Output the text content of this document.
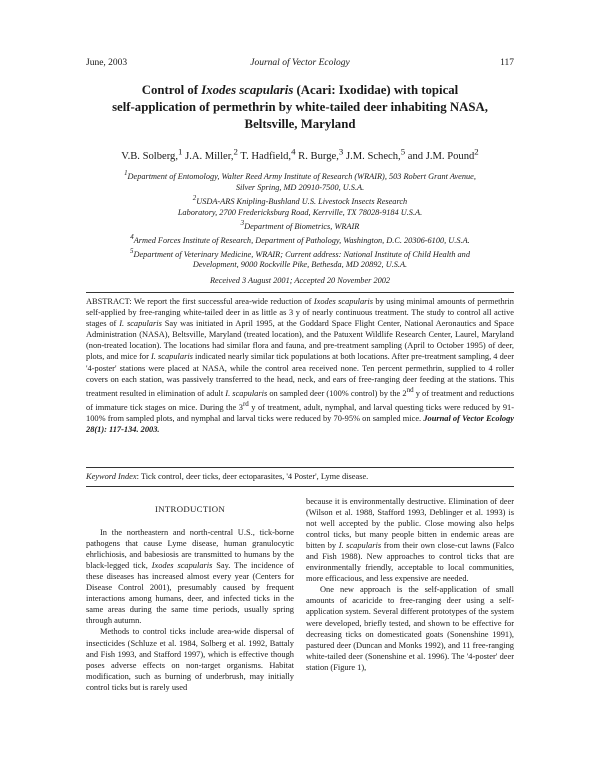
June, 2003	Journal of Vector Ecology	117
Control of Ixodes scapularis (Acari: Ixodidae) with topical
self-application of permethrin by white-tailed deer inhabiting NASA,
Beltsville, Maryland
V.B. Solberg,$^1$ J.A. Miller,$^2$ T. Hadfield,$^4$ R. Burge,$^3$ J.M. Schech,$^5$ and J.M. Pound$^2$

$^1$Department of Entomology, Walter Reed Army Institute of Research (WRAIR), 503 Robert Grant Avenue,
Silver Spring, MD 20910-7500, U.S.A.

$^2$USDA-ARS Knipling-Bushland U.S. Livestock Insects Research
Laboratory, 2700 Fredericksburg Road, Kerrville, TX 78028-9184 U.S.A.

$^3$Department of Biometrics, WRAIR

$^4$Armed Forces Institute of Research, Department of Pathology, Washington, D.C. 20306-6100, U.S.A.

$^5$Department of Veterinary Medicine, WRAIR; Current address: National Institute of Child Health and
Development, 9000 Rockville Pike, Bethesda, MD 20892, U.S.A.

Received 3 August 2001; Accepted 20 November 2002
ABSTRACT: We report the first successful area-wide reduction of Ixodes scapularis by using minimal amounts of permethrin self-applied by free-ranging white-tailed deer in as little as 3 y of nearly continuous treatment. The study to control all active stages of I. scapularis Say was initiated in April 1995, at the Goddard Space Flight Center, National Aeronautics and Space Administration (NASA), Beltsville, Maryland (treated location), and the Patuxent Wildlife Research Center, Laurel, Maryland (non-treated location). The locations had similar flora and fauna, and pre-treatment sampling (April to October 1995) of deer, plots, and mice for I. scapularis indicated nearly similar tick populations at both locations. After pre-treatment sampling, 4 deer '4-poster' stations were placed at NASA, while the control area received none. Ten percent permethrin, supplied to 4 roller covers on each station, was passively transferred to the head, neck, and ears of free-ranging deer feeding at the stations. This treatment resulted in elimination of adult I. scapularis on sampled deer (100% control) by the 2nd y of treatment and reductions of immature tick stages on mice. During the 3rd y of treatment, adult, nymphal, and larval questing ticks were reduced by 91-100% from sampled plots, and nymphal and larval ticks were reduced by 70-95% on sampled mice. Journal of Vector Ecology 28(1): 117-134. 2003.
Keyword Index: Tick control, deer ticks, deer ectoparasites, '4 Poster', Lyme disease.
INTRODUCTION

In the northeastern and north-central U.S., tick-borne pathogens that cause Lyme disease, human granulocytic ehrlichiosis, and babesiosis are transmitted to humans by the black-legged tick, Ixodes scapularis Say. The incidence of these diseases has increased almost every year (Centers for Disease Control 2001), presumably caused by frequent interactions among humans, deer, and infected ticks in the same areas during the same time periods, usually spring through autumn.

Methods to control ticks include area-wide dispersal of insecticides (Schluze et al. 1984, Solberg et al. 1992, Battaly and Fish 1993, and Stafford 1997), which is effective though poses adverse effects on non-target organisms. Habitat modification, such as burning of underbrush, may initially control ticks but is rarely used

because it is environmentally destructive. Elimination of deer (Wilson et al. 1988, Stafford 1993, Deblinger et al. 1993) is not well accepted by the public. Close mowing also helps control ticks, but many people bitten in endemic areas are bitten by I. scapularis from their own close-cut lawns (Falco and Fish 1988). New approaches to control ticks that are environmentally friendly, acceptable to local communities, more efficacious, and less expensive are needed.

One new approach is the self-application of small amounts of acaricide to free-ranging deer using a self-application system. Several different prototypes of the system were developed, briefly tested, and shown to be effective for decreasing ticks on domesticated goats (Sonenshine 1991), pastured deer (Duncan and Monks 1992), and 11 free-ranging white-tailed deer (Sonenshine et al. 1996). The '4-poster' deer station (Figure 1),
